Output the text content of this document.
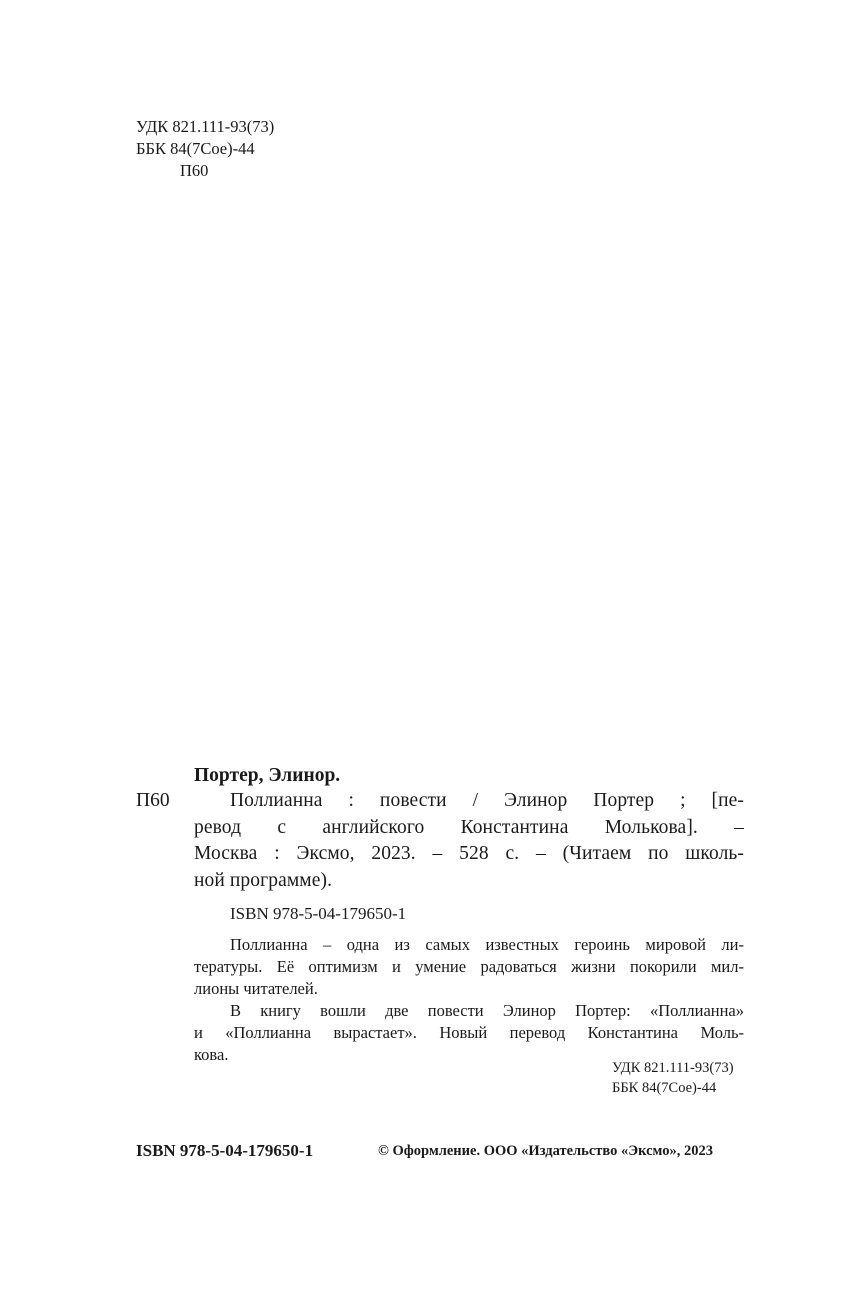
УДК 821.111-93(73)
ББК 84(7Сое)-44
П60
Портер, Элинор.
П60	Поллианна : повести / Элинор Портер ; [пе-
ревод с английского Константина Молькова]. –
Москва : Эксмо, 2023. – 528 с. – (Читаем по школь-
ной программе).
ISBN 978-5-04-179650-1
Поллианна – одна из самых известных героинь мировой ли-
тературы. Её оптимизм и умение радоваться жизни покорили мил-
лионы читателей.
В книгу вошли две повести Элинор Портер: «Поллианна»
и «Поллианна вырастает». Новый перевод Константина Моль-
кова.
УДК 821.111-93(73)
ББК 84(7Сое)-44
ISBN 978-5-04-179650-1	© Оформление. ООО «Издательство «Эксмо», 2023
